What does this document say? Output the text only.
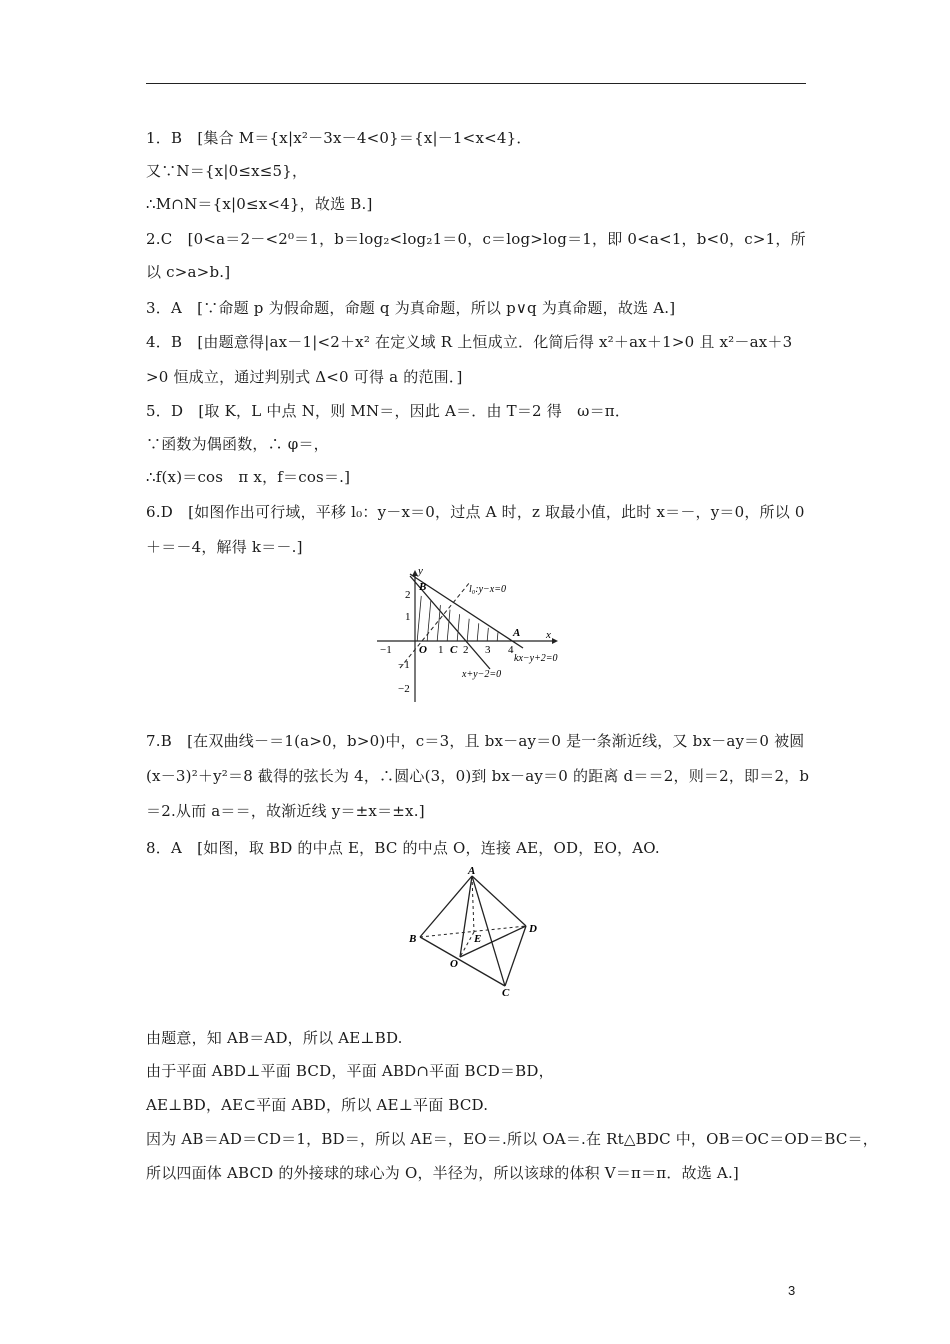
1．B　[集合 M＝{x|x²－3x－4<0}＝{x|－1<x<4}．
又∵N＝{x|0≤x≤5}，
∴M∩N＝{x|0≤x<4}，故选 B.]
2.C　[0<a＝2－<2⁰＝1，b＝log₂<log₂1＝0，c＝log>log＝1，即 0<a<1，b<0，c>1，所
以 c>a>b.]
3．A　[∵命题 p 为假命题，命题 q 为真命题，所以 p∨q 为真命题，故选 A.]
4．B　[由题意得|ax－1|<2＋x² 在定义域 R 上恒成立．化简后得 x²＋ax＋1>0 且 x²－ax＋3
>0 恒成立，通过判别式 Δ<0 可得 a 的范围．]
5．D　[取 K，L 中点 N，则 MN＝，因此 A＝．由 T＝2 得　ω＝π．
∵函数为偶函数，∴ φ＝，
∴f(x)＝cos　π x，f＝cos＝.]
6.D　[如图作出可行域，平移 l₀：y－x＝0，过点 A 时，z 取最小值，此时 x＝－，y＝0，所以 0
＋＝－4，解得 k＝－.]
y
x
B
A
2
1
−1
−2
−1 O 1 C 2 3 4
l₀:y−x=0
kx−y+2=0
x+y−2=0
7.B　[在双曲线－＝1(a>0，b>0)中，c＝3，且 bx－ay＝0 是一条渐近线，又 bx－ay＝0 被圆
(x－3)²＋y²＝8 截得的弦长为 4，∴圆心(3，0)到 bx－ay＝0 的距离 d＝＝2，则＝2，即＝2，b
＝2.从而 a＝＝，故渐近线 y＝±x＝±x.]
8．A　[如图，取 BD 的中点 E，BC 的中点 O，连接 AE，OD，EO，AO.
A
B
D
C
E
O
由题意，知 AB＝AD，所以 AE⊥BD.
由于平面 ABD⊥平面 BCD，平面 ABD∩平面 BCD＝BD，
AE⊥BD，AE⊂平面 ABD，所以 AE⊥平面 BCD.
因为 AB＝AD＝CD＝1，BD＝，所以 AE＝，EO＝.所以 OA＝.在 Rt△BDC 中，OB＝OC＝OD＝BC＝，
所以四面体 ABCD 的外接球的球心为 O，半径为，所以该球的体积 V＝π＝π．故选 A.]
3
